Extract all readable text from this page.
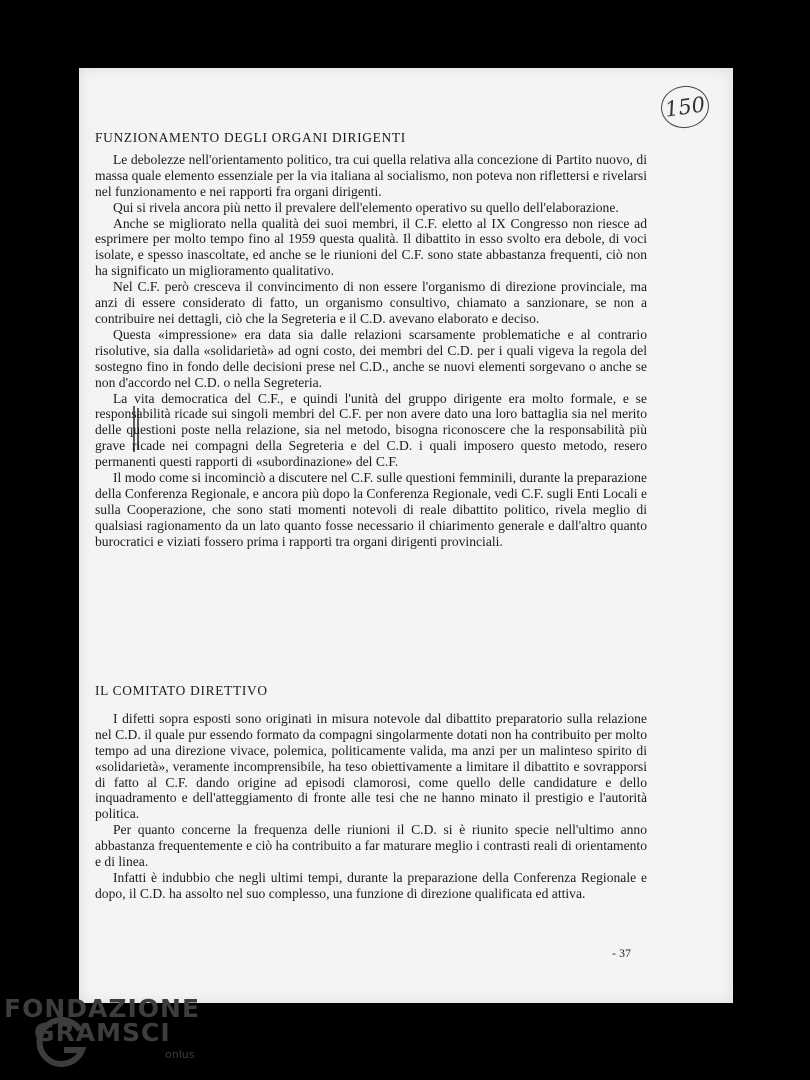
150
FUNZIONAMENTO DEGLI ORGANI DIRIGENTI

Le debolezze nell'orientamento politico, tra cui quella relativa alla concezione di Partito nuovo, di massa quale elemento essenziale per la via italiana al socialismo, non poteva non riflettersi e rivelarsi nel funzionamento e nei rapporti fra organi dirigenti.

Qui si rivela ancora più netto il prevalere dell'elemento operativo su quello dell'elaborazione.

Anche se migliorato nella qualità dei suoi membri, il C.F. eletto al IX Congresso non riesce ad esprimere per molto tempo fino al 1959 questa qualità. Il dibattito in esso svolto era debole, di voci isolate, e spesso inascoltate, ed anche se le riunioni del C.F. sono state abbastanza frequenti, ciò non ha significato un miglioramento qualitativo.

Nel C.F. però cresceva il convincimento di non essere l'organismo di direzione provinciale, ma anzi di essere considerato di fatto, un organismo consultivo, chiamato a sanzionare, se non a contribuire nei dettagli, ciò che la Segreteria e il C.D. avevano elaborato e deciso.

Questa «impressione» era data sia dalle relazioni scarsamente problematiche e al contrario risolutive, sia dalla «solidarietà» ad ogni costo, dei membri del C.D. per i quali vigeva la regola del sostegno fino in fondo delle decisioni prese nel C.D., anche se nuovi elementi sorgevano o anche se non d'accordo nel C.D. o nella Segreteria.

La vita democratica del C.F., e quindi l'unità del gruppo dirigente era molto formale, e se responsabilità ricade sui singoli membri del C.F. per non avere dato una loro battaglia sia nel merito delle questioni poste nella relazione, sia nel metodo, bisogna riconoscere che la responsabilità più grave ricade nei compagni della Segreteria e del C.D. i quali imposero questo metodo, resero permanenti questi rapporti di «subordinazione» del C.F.

Il modo come si incominciò a discutere nel C.F. sulle questioni femminili, durante la preparazione della Conferenza Regionale, e ancora più dopo la Conferenza Regionale, vedi C.F. sugli Enti Locali e sulla Cooperazione, che sono stati momenti notevoli di reale dibattito politico, rivela meglio di qualsiasi ragionamento da un lato quanto fosse necessario il chiarimento generale e dall'altro quanto burocratici e viziati fossero prima i rapporti tra organi dirigenti provinciali.

IL COMITATO DIRETTIVO

I difetti sopra esposti sono originati in misura notevole dal dibattito preparatorio sulla relazione nel C.D. il quale pur essendo formato da compagni singolarmente dotati non ha contribuito per molto tempo ad una direzione vivace, polemica, politicamente valida, ma anzi per un malinteso spirito di «solidarietà», veramente incomprensibile, ha teso obiettivamente a limitare il dibattito e sovrapporsi di fatto al C.F. dando origine ad episodi clamorosi, come quello delle candidature e dello inquadramento e dell'atteggiamento di fronte alle tesi che ne hanno minato il prestigio e l'autorità politica.

Per quanto concerne la frequenza delle riunioni il C.D. si è riunito specie nell'ultimo anno abbastanza frequentemente e ciò ha contribuito a far maturare meglio i contrasti reali di orientamento e di linea.

Infatti è indubbio che negli ultimi tempi, durante la preparazione della Conferenza Regionale e dopo, il C.D. ha assolto nel suo complesso, una funzione di direzione qualificata ed attiva.

- 37
FONDAZIONE
GRAMSCI
onlus
